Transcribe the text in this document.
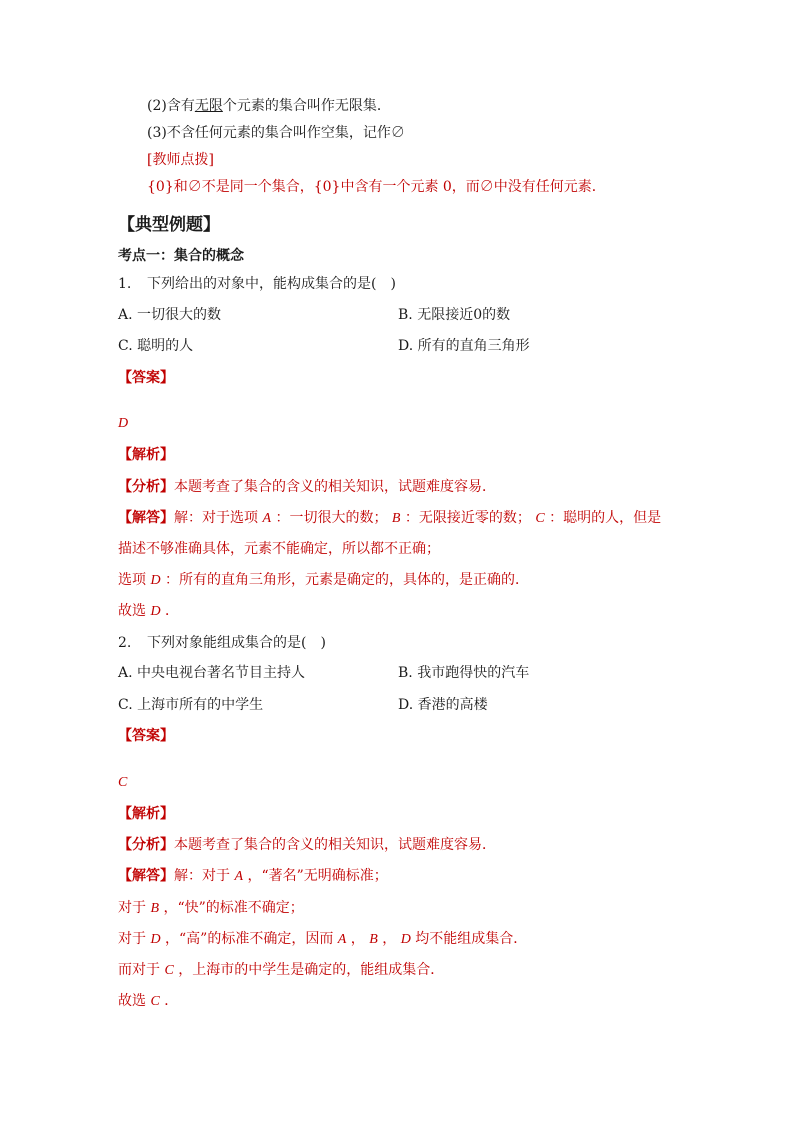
(2)含有无限个元素的集合叫作无限集．
(3)不含任何元素的集合叫作空集，记作∅
[教师点拨]
{0}和∅不是同一个集合，{0}中含有一个元素 0，而∅中没有任何元素．
【典型例题】
考点一：集合的概念
1. 下列给出的对象中，能构成集合的是(　)
A. 一切很大的数	B. 无限接近0的数
C. 聪明的人	D. 所有的直角三角形
【答案】
D
【解析】
【分析】本题考查了集合的含义的相关知识，试题难度容易．
【解答】解：对于选项 A ：一切很大的数； B ：无限接近零的数； C ：聪明的人，但是
描述不够准确具体，元素不能确定，所以都不正确；
选项 D ：所有的直角三角形，元素是确定的，具体的，是正确的．
故选 D ．
2. 下列对象能组成集合的是(　)
A. 中央电视台著名节目主持人	B. 我市跑得快的汽车
C. 上海市所有的中学生	D. 香港的高楼
【答案】
C
【解析】
【分析】本题考查了集合的含义的相关知识，试题难度容易．
【解答】解：对于 A ，“著名”无明确标准；
对于 B ，“快”的标准不确定；
对于 D ，“高”的标准不确定，因而 A ， B ， D 均不能组成集合．
而对于 C ，上海市的中学生是确定的，能组成集合．
故选 C ．
